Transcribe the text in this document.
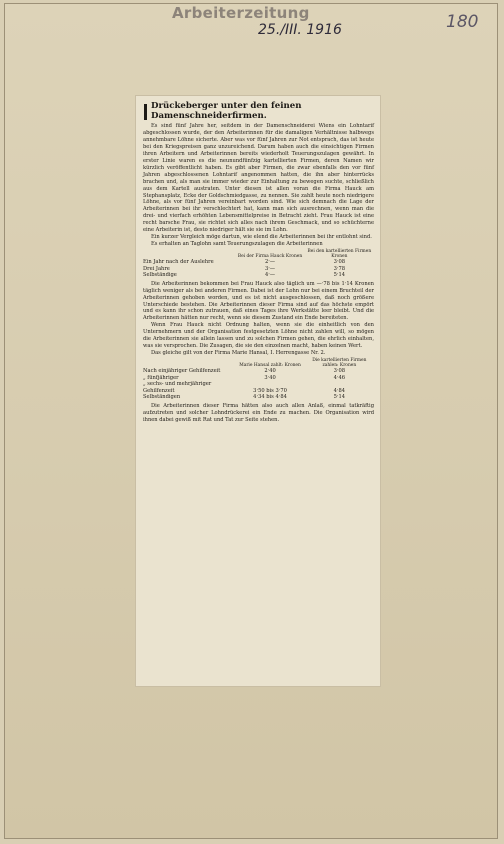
Arbeiterzeitung
25./III. 1916	180
Drückeberger unter den feinen Damenschneiderfirmen.

Es sind fünf Jahre her, seitdem in der Damenschneiderei Wiens ein Lohntarif abgeschlossen wurde, der den Arbeiterinnen für die damaligen Verhältnisse halbwegs annehmbare Löhne sicherte. Aber was vor fünf Jahren zur Not entsprach, das ist heute bei den Kriegspreisen ganz unzureichend. Darum haben auch die einsichtigen Firmen ihren Arbeitern und Arbeiterinnen bereits wiederholt Teuerungszulagen gewährt. In erster Linie waren es die neunundfünfzig kartellierten Firmen, deren Namen wir kürzlich veröffentlicht haben. Es gibt aber Firmen, die zwar ebenfalls den vor fünf Jahren abgeschlossenen Lohntarif angenommen hatten, die ihn aber hinterrücks brachen und, als man sie immer wieder zur Einhaltung zu bewegen suchte, schließlich aus dem Kartell austraten. Unter diesen ist allen voran die Firma Hauck am Stephansplatz, Ecke der Goldschmiedgasse, zu nennen. Sie zahlt heute noch niedrigere Löhne, als vor fünf Jahren vereinbart worden sind. Wie sich demnach die Lage der Arbeiterinnen bei ihr verschlechtert hat, kann man sich ausrechnen, wenn man die drei- und vierfach erhöhten Lebensmittelpreise in Betracht zieht. Frau Hauck ist eine recht barsche Frau, sie richtet sich alles nach ihrem Geschmack, und so schüchterne eine Arbeiterin ist, desto niedriger hält sie sie im Lohn.

Ein kurzer Vergleich möge dartun, wie elend die Arbeiterinnen bei ihr entlohnt sind.

Es erhalten an Taglohn samt Teuerungszulagen die Arbeiterinnen

	Bei der Firma Hauck Kronen	Bei den kartellierten Firmen Kronen
Ein Jahr nach der Auslehre	2·—	3·08
Drei Jahre	3·—	3·78
Selbständige	4·—	5·14

Die Arbeiterinnen bekommen bei Frau Hauck also täglich um —·78 bis 1·14 Kronen täglich weniger als bei anderen Firmen. Dabei ist der Lohn nur bei einem Bruchteil der Arbeiterinnen gehoben worden, und es ist nicht ausgeschlossen, daß noch größere Unterschiede bestehen. Die Arbeiterinnen dieser Firma sind auf das höchste empört und es kann ihr schon zutrauen, daß eines Tages ihre Werkstätte leer bleibt. Und die Arbeiterinnen hätten nur recht, wenn sie diesem Zustand ein Ende bereiteten.

Wenn Frau Hauck nicht Ordnung halten, wenn sie die einheitlich von den Unternehmern und der Organisation festgesetzten Löhne nicht zahlen will, so mögen die Arbeiterinnen sie allein lassen und zu solchen Firmen gehen, die ehrlich einhalten, was sie versprochen. Die Zusagen, die sie den einzelnen macht, haben keinen Wert.

Das gleiche gilt von der Firma Marie Hansal, I. Herrengasse Nr. 2.

	Marie Hansal zahlt: Kronen	Die kartellierten Firmen zahlen: Kronen
Nach einjähriger Gehilfenzeit	2·40	3·08
„ fünfjähriger	3·40	4·46
„ sechs- und mehrjähriger		
Gehilfenzeit	3·50 bis 3·70	4·84
Selbständigen	4·34 bis 4·84	5·14

Die Arbeiterinnen dieser Firma hätten also auch allen Anlaß, einmal tatkräftig aufzutreten und solcher Lohndrückerei ein Ende zu machen. Die Organisation wird ihnen dabei gewiß mit Rat und Tat zur Seite stehen.
